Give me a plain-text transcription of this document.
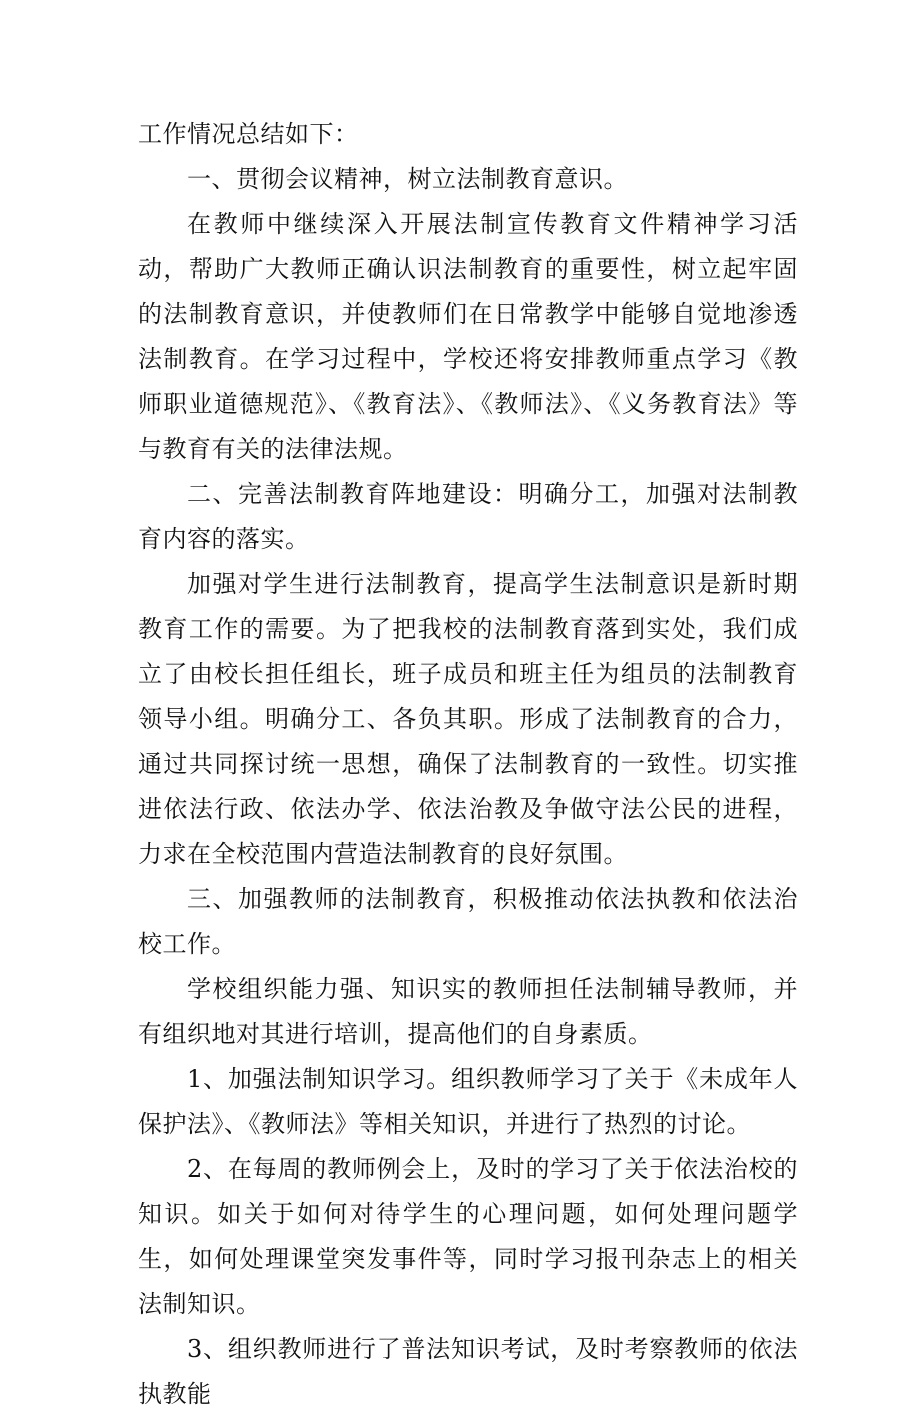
工作情况总结如下：

一、贯彻会议精神，树立法制教育意识。

在教师中继续深入开展法制宣传教育文件精神学习活动，帮助广大教师正确认识法制教育的重要性，树立起牢固的法制教育意识，并使教师们在日常教学中能够自觉地渗透法制教育。在学习过程中，学校还将安排教师重点学习《教师职业道德规范》、《教育法》、《教师法》、《义务教育法》等与教育有关的法律法规。

二、完善法制教育阵地建设：明确分工，加强对法制教育内容的落实。

加强对学生进行法制教育，提高学生法制意识是新时期教育工作的需要。为了把我校的法制教育落到实处，我们成立了由校长担任组长，班子成员和班主任为组员的法制教育领导小组。明确分工、各负其职。形成了法制教育的合力，通过共同探讨统一思想，确保了法制教育的一致性。切实推进依法行政、依法办学、依法治教及争做守法公民的进程，力求在全校范围内营造法制教育的良好氛围。

三、加强教师的法制教育，积极推动依法执教和依法治校工作。

学校组织能力强、知识实的教师担任法制辅导教师，并有组织地对其进行培训，提高他们的自身素质。

1、加强法制知识学习。组织教师学习了关于《未成年人保护法》、《教师法》等相关知识，并进行了热烈的讨论。

2、在每周的教师例会上，及时的学习了关于依法治校的知识。如关于如何对待学生的心理问题，如何处理问题学生，如何处理课堂突发事件等，同时学习报刊杂志上的相关法制知识。

3、组织教师进行了普法知识考试，及时考察教师的依法执教能
